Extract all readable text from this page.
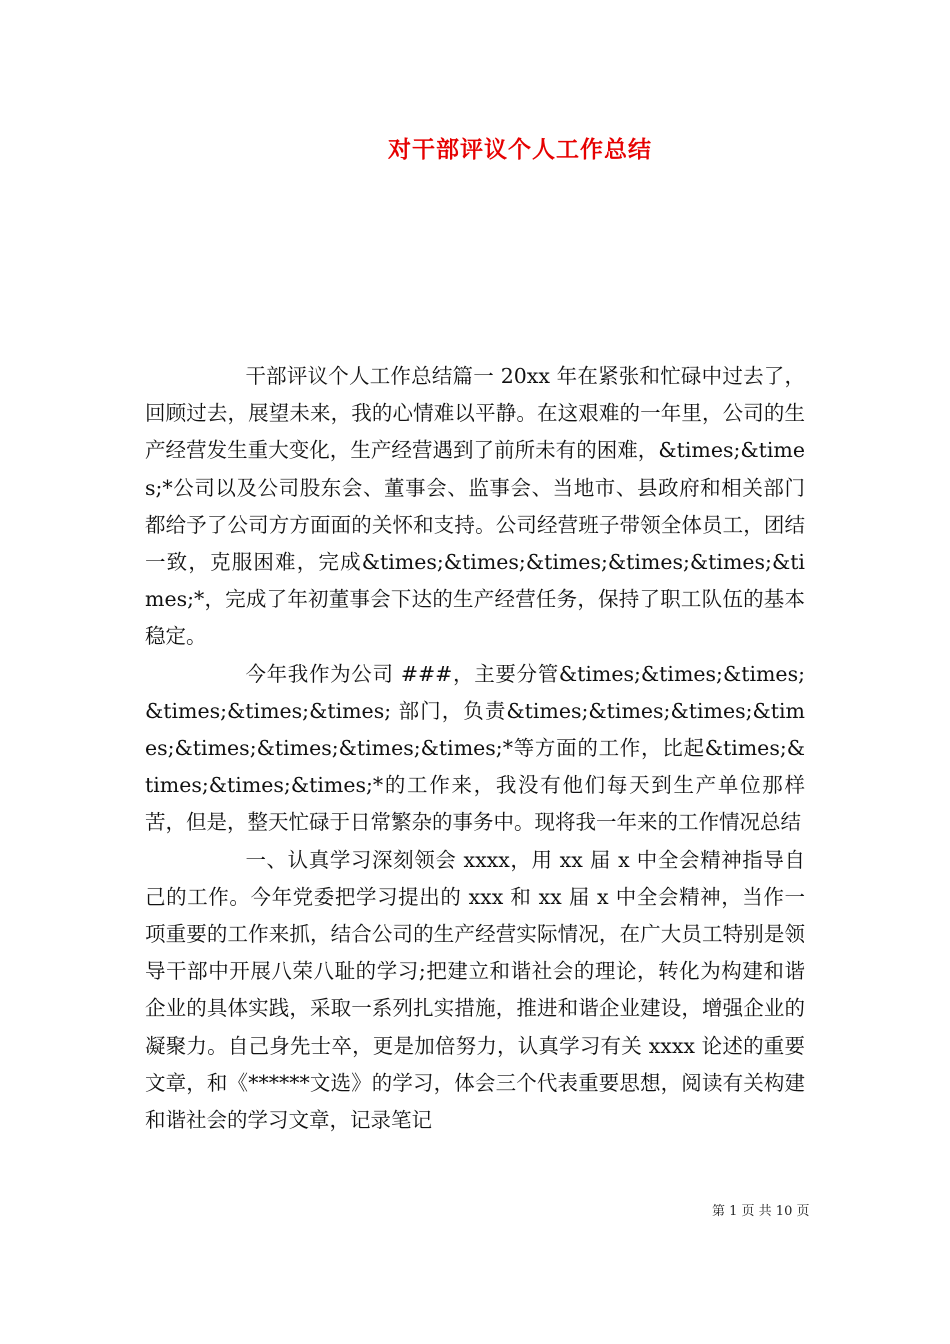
对干部评议个人工作总结

干部评议个人工作总结篇一 20xx 年在紧张和忙碌中过去了，回顾过去，展望未来，我的心情难以平静。在这艰难的一年里，公司的生产经营发生重大变化，生产经营遇到了前所未有的困难，&times;&times;*公司以及公司股东会、董事会、监事会、当地市、县政府和相关部门都给予了公司方方面面的关怀和支持。公司经营班子带领全体员工，团结一致，克服困难，完成&times;&times;&times;&times;&times;&times;*，完成了年初董事会下达的生产经营任务，保持了职工队伍的基本稳定。

今年我作为公司 ###，主要分管&times;&times;&times;&times;&times;&times; 部门，负责&times;&times;&times;&times;&times;&times;&times;&times;*等方面的工作，比起&times;&times;&times;&times;*的工作来，我没有他们每天到生产单位那样苦，但是，整天忙碌于日常繁杂的事务中。现将我一年来的工作情况总结

一、认真学习深刻领会 xxxx，用 xx 届 x 中全会精神指导自己的工作。今年党委把学习提出的 xxx 和 xx 届 x 中全会精神，当作一项重要的工作来抓，结合公司的生产经营实际情况，在广大员工特别是领导干部中开展八荣八耻的学习;把建立和谐社会的理论，转化为构建和谐企业的具体实践，采取一系列扎实措施，推进和谐企业建设，增强企业的凝聚力。自己身先士卒，更是加倍努力，认真学习有关 xxxx 论述的重要文章，和《******文选》的学习，体会三个代表重要思想，阅读有关构建和谐社会的学习文章，记录笔记

第 1 页 共 10 页
